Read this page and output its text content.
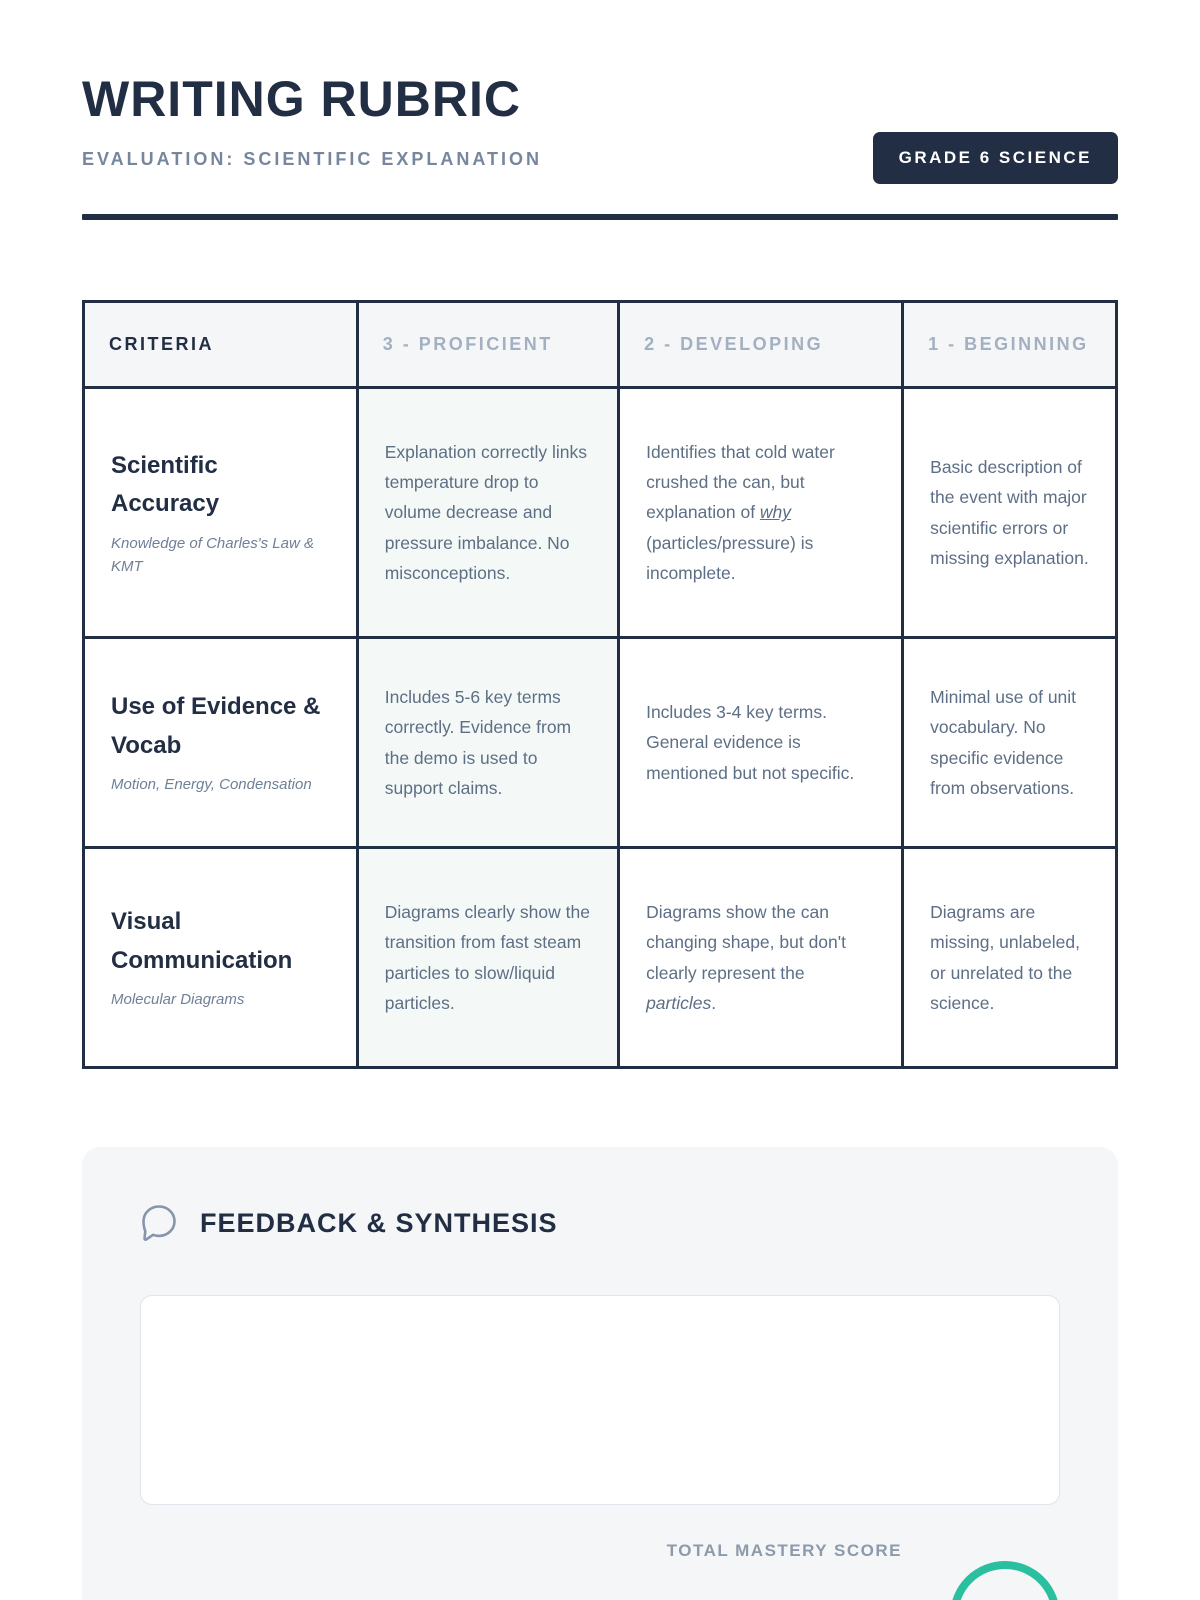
WRITING RUBRIC
EVALUATION: SCIENTIFIC EXPLANATION	GRADE 6 SCIENCE
CRITERIA	3 - PROFICIENT	2 - DEVELOPING	1 - BEGINNING

Scientific Accuracy
Knowledge of Charles's Law & KMT	Explanation correctly links temperature drop to volume decrease and pressure imbalance. No misconceptions.	Identifies that cold water crushed the can, but explanation of why (particles/pressure) is incomplete.	Basic description of the event with major scientific errors or missing explanation.

Use of Evidence & Vocab
Motion, Energy, Condensation	Includes 5-6 key terms correctly. Evidence from the demo is used to support claims.	Includes 3-4 key terms. General evidence is mentioned but not specific.	Minimal use of unit vocabulary. No specific evidence from observations.

Visual Communication
Molecular Diagrams	Diagrams clearly show the transition from fast steam particles to slow/liquid particles.	Diagrams show the can changing shape, but don't clearly represent the particles.	Diagrams are missing, unlabeled, or unrelated to the science.
FEEDBACK & SYNTHESIS
TOTAL MASTERY SCORE
